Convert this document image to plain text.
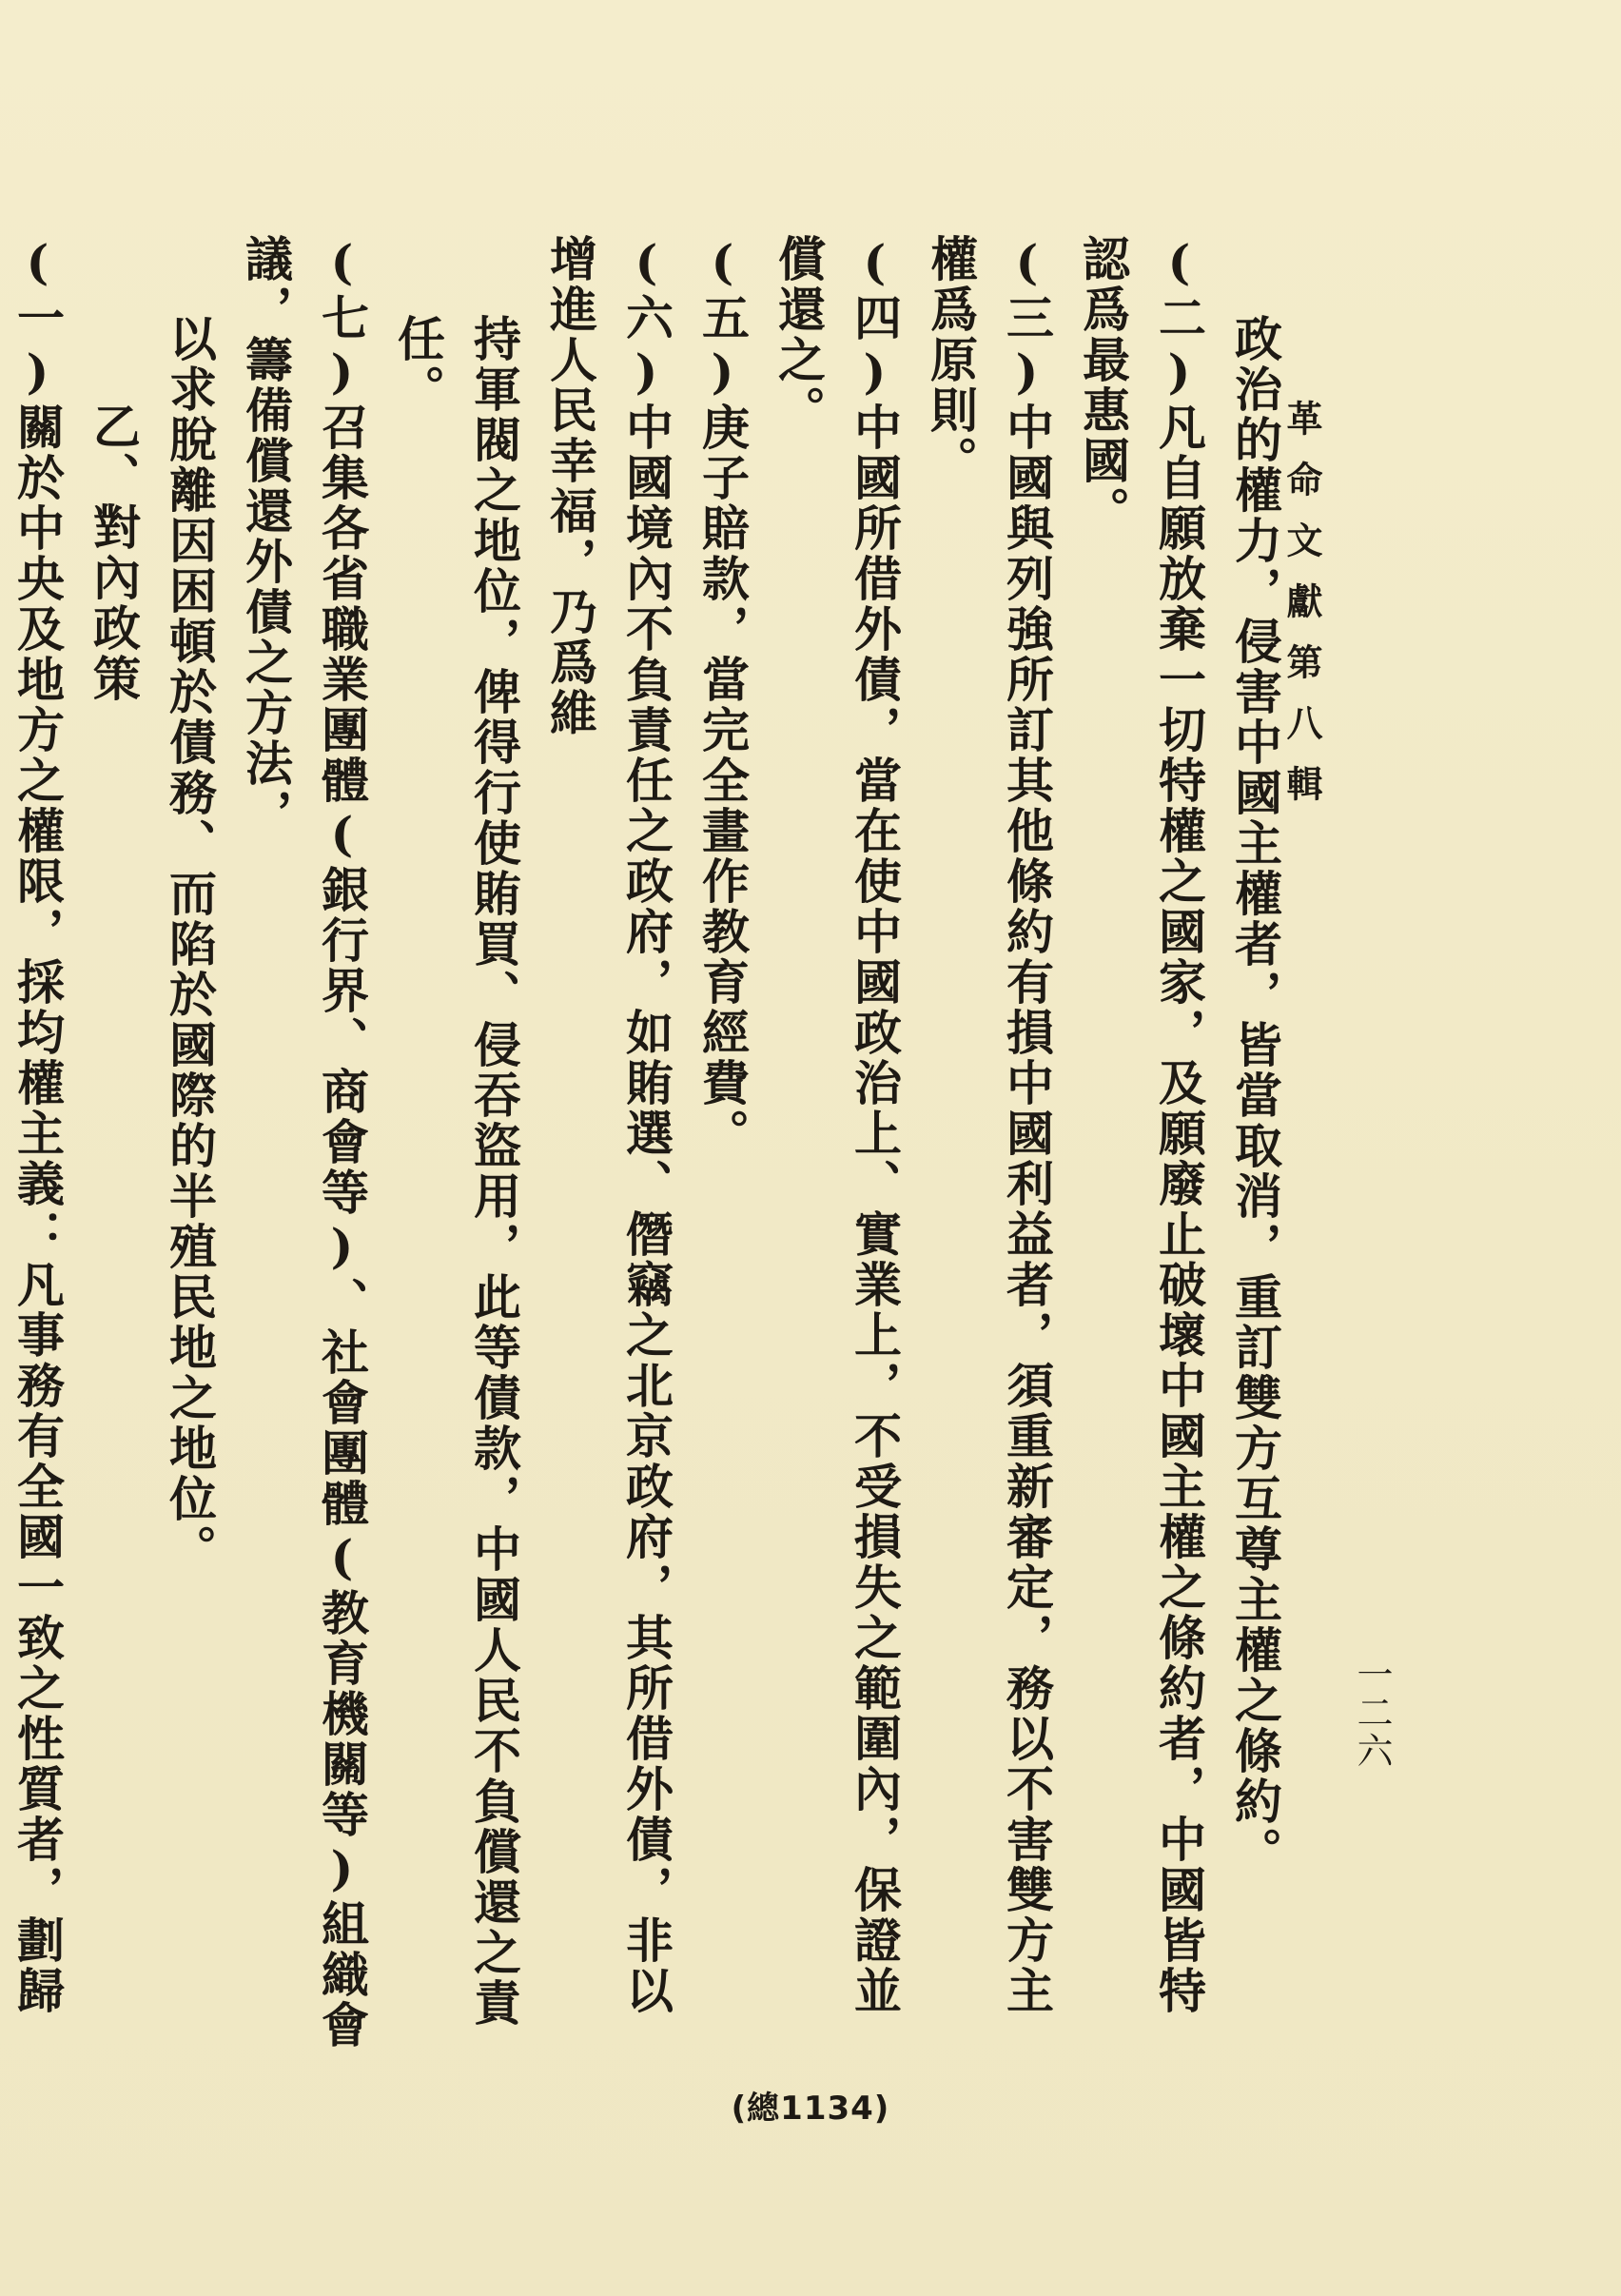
革命文獻第八輯
一二六
政治的權力，侵害中國主權者，皆當取消，重訂雙方互尊主權之條約。
(二)凡自願放棄一切特權之國家，及願廢止破壞中國主權之條約者，中國皆特認爲最惠國。
(三)中國與列強所訂其他條約有損中國利益者，須重新審定，務以不害雙方主權爲原則。
(四)中國所借外債，當在使中國政治上、實業上，不受損失之範圍內，保證並償還之。
(五)庚子賠款，當完全畫作教育經費。
(六)中國境內不負責任之政府，如賄選、僭竊之北京政府，其所借外債，非以增進人民幸福，乃爲維
持軍閥之地位，俾得行使賄買、侵吞盜用，此等債款，中國人民不負償還之責任。
(七)召集各省職業團體(銀行界、商會等)、社會團體(教育機關等)組織會議，籌備償還外債之方法，
以求脫離因困頓於債務、而陷於國際的半殖民地之地位。
乙、對內政策
(一)關於中央及地方之權限，採均權主義：凡事務有全國一致之性質者，劃歸
(總1134)
